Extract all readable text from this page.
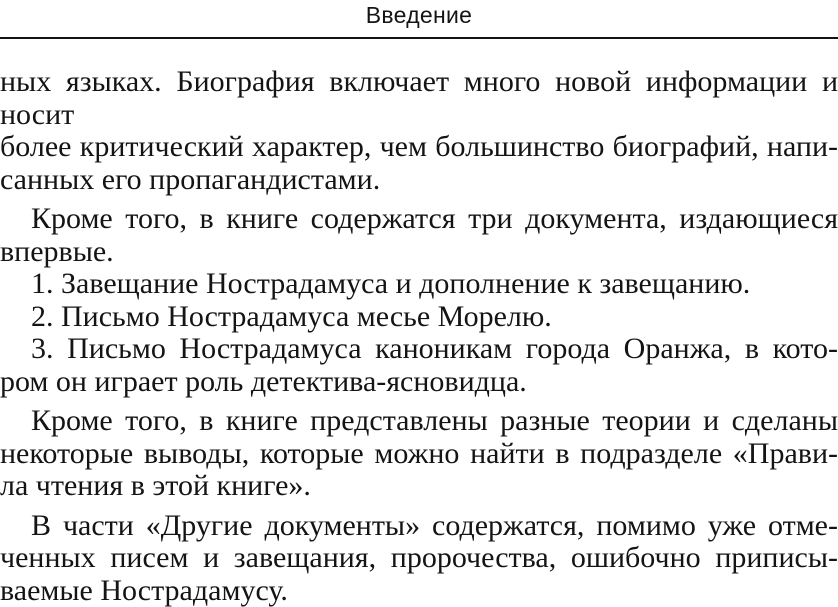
Введение

ных языках. Биография включает много новой информации и носит
более критический характер, чем большинство биографий, напи-
санных его пропагандистами.

Кроме того, в книге содержатся три документа, издающиеся
впервые.

1. Завещание Нострадамуса и дополнение к завещанию.

2. Письмо Нострадамуса месье Морелю.

3. Письмо Нострадамуса каноникам города Оранжа, в кото-
ром он играет роль детектива-ясновидца.

Кроме того, в книге представлены разные теории и сделаны
некоторые выводы, которые можно найти в подразделе «Прави-
ла чтения в этой книге».

В части «Другие документы» содержатся, помимо уже отме-
ченных писем и завещания, пророчества, ошибочно приписы-
ваемые Нострадамусу.
